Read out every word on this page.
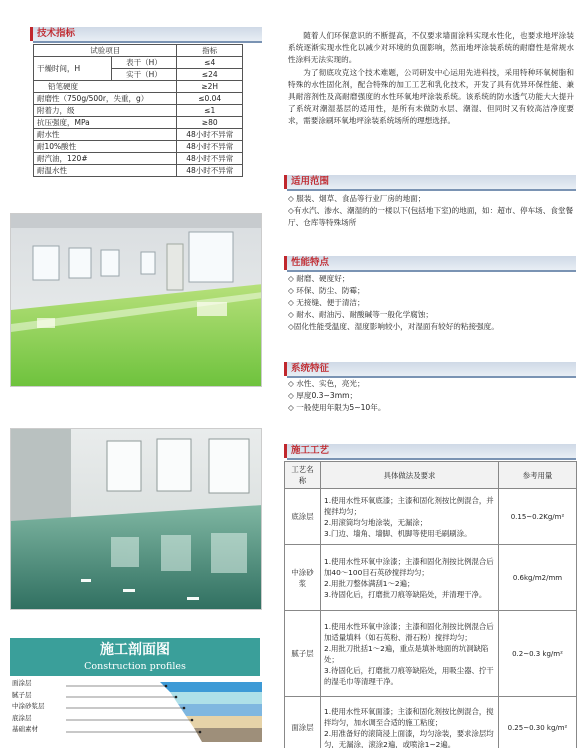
技术指标
试验项目		指标
干燥时间，H	表干（H）	≤4
	实干（H）	≤24
铅笔硬度		≥2H
耐磨性（750g/500r，失重，g）		≤0.04
附着力，级		≤1
抗压强度，MPa		≥80
耐水性		48小时不异常
耐10%酸性		48小时不异常
耐汽油，120#		48小时不异常
耐温水性		48小时不异常

随着人们环保意识的不断提高，不仅要求墙面涂料实现水性化，也要求地坪涂装系统逐渐实现水性化以减少对环境的负面影响，然而地坪涂装系统的耐磨性是常规水性涂料无法实现的。

为了彻底攻克这个技术难题，公司研发中心运用先进科技，采用特种环氧树脂和特殊的水性固化剂，配合特殊的加工工艺和乳化技术，开发了具有优异环保性能、兼具耐溶剂性及高耐磨强度的水性环氧地坪涂装系统。该系统的防水透气功能大大提升了系统对潮湿基层的适用性，是所有未做防水层、潮湿、但同时又有较高洁净度要求，需要涂刷环氧地坪涂装系统场所的理想选择。

适用范围
◇ 服装、烟草、食品等行业厂房的地面；
◇有水汽、渗水、潮湿的的一楼以下(包括地下室)的地面，如：超市、停车场、食堂餐厅、仓库等特殊场所
性能特点
◇ 耐磨、硬度好；
◇ 环保、防尘、防霉；
◇ 无接缝、便于清洁；
◇ 耐水、耐油污、耐酸碱等一般化学腐蚀；
◇固化性能受温度、湿度影响较小，对湿面有较好的粘接强度。
系统特征
◇ 水性、实色，亮光；
◇ 厚度0.3~3mm；
◇ 一般使用年限为5~10年。
施工工艺
工艺名称	具体做法及要求	参考用量
底涂层	1.使用水性环氧底漆；主漆和固化剂按比例混合，并搅拌均匀；
2.用滚筒均匀地涂装，无漏涂；
3.门边、墙角、墙脚、机脚等使用毛刷刷涂。	0.15~0.2Kg/m²
中涂砂浆	1.使用水性环氧中涂漆；主漆和固化剂按比例混合后加40～100目石英砂搅拌均匀；
2.用批刀整体满刮1～2遍；
3.待固化后，打磨批刀痕等缺陷处，并清理干净。	0.6kg/m2/mm
腻子层	1.使用水性环氧中涂漆；主漆和固化剂按比例混合后加适量填料（如石英粉、滑石粉）搅拌均匀；
2.用批刀批括1～2遍，重点是填补地面的坑洞缺陷处；
3.待固化后，打磨批刀痕等缺陷处，用吸尘器、拧干的湿毛巾等清理干净。	0.2~0.3 kg/m²
面涂层	1.使用水性环氧面漆；主漆和固化剂按比例混合，搅拌均匀，加水调至合适的施工粘度；
2.用准备好的滚筒浸上面漆，均匀涂装，要求涂层均匀，无漏涂，滚涂2遍，或喷涂1~2遍。	0.25~0.30 kg/m²
施工剖面图
Construction profiles
面涂层
腻子层
中涂砂浆层
底涂层
基础素材
